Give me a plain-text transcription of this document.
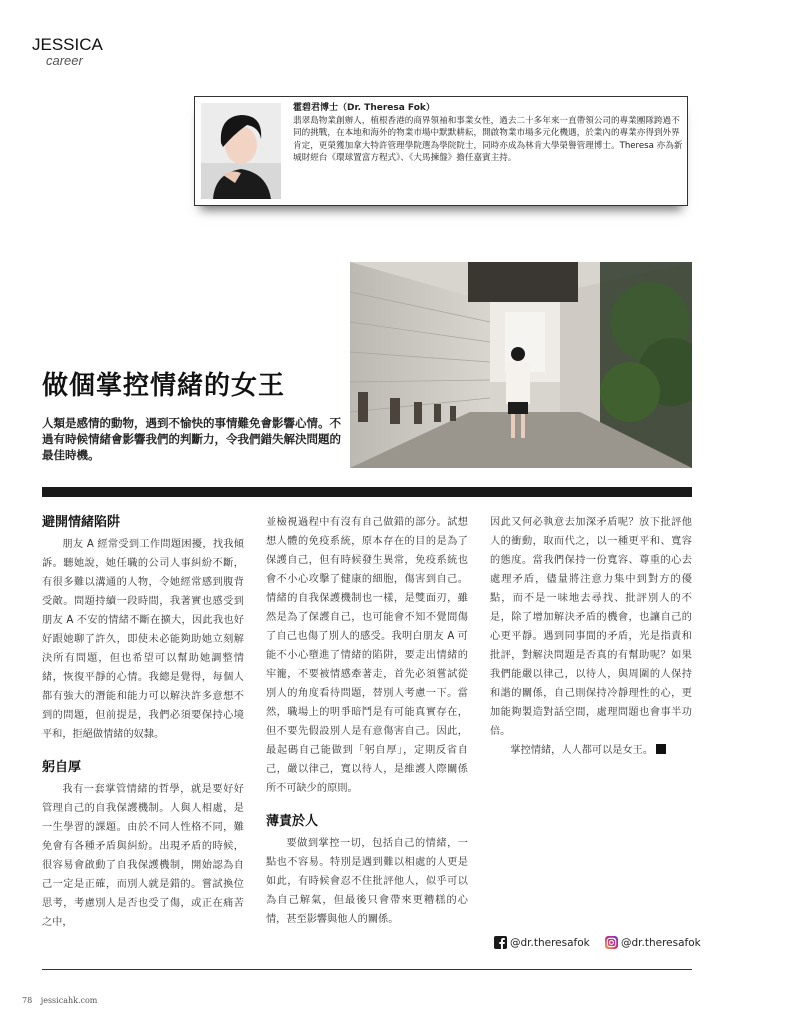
JESSICA
career
霍碧君博士（Dr. Theresa Fok）
翡翠島物業創辦人，植根香港的商界領袖和事業女性，過去二十多年來一直帶領公司的專業團隊跨過不同的挑戰，在本地和海外的物業市場中默默耕耘，開啟物業市場多元化機遇，於業內的專業亦得到外界肯定，更榮獲加拿大特許管理學院選為學院院士，同時亦成為林肯大學榮譽管理博士。Theresa 亦為新城財經台《環球置富方程式》、《大馬揀盤》擔任嘉賓主持。
做個掌控情緒的女王

人類是感情的動物，遇到不愉快的事情難免會影響心情。不過有時候情緒會影響我們的判斷力，令我們錯失解決問題的最佳時機。

避開情緒陷阱

朋友 A 經常受到工作問題困擾，找我傾訴。聽她說，她任職的公司人事糾紛不斷，有很多難以溝通的人物，令她經常感到腹背受敵。問題持續一段時間，我著實也感受到朋友 A 不安的情緒不斷在擴大，因此我也好好跟她聊了許久，即使未必能夠助她立刻解決所有問題，但也希望可以幫助她調整情緒，恢復平靜的心情。我總是覺得，每個人都有強大的潛能和能力可以解決許多意想不到的問題，但前提是，我們必須要保持心境平和，拒絕做情緒的奴隸。

躬自厚

我有一套掌管情緒的哲學，就是要好好管理自己的自我保護機制。人與人相處，是一生學習的課題。由於不同人性格不同，難免會有各種矛盾與糾紛。出現矛盾的時候，很容易會啟動了自我保護機制，開始認為自己一定是正確，而別人就是錯的。嘗試換位思考，考慮別人是否也受了傷，或正在痛苦之中，

並檢視過程中有沒有自己做錯的部分。試想想人體的免疫系統，原本存在的目的是為了保護自己，但有時候發生異常，免疫系統也會不小心攻擊了健康的細胞，傷害到自己。情緒的自我保護機制也一樣，是雙面刃，雖然是為了保護自己，也可能會不知不覺間傷了自己也傷了別人的感受。我明白朋友 A 可能不小心墮進了情緒的陷阱，要走出情緒的牢籠，不要被情感牽著走，首先必須嘗試從別人的角度看待問題，替別人考慮一下。當然，職場上的明爭暗鬥是有可能真實存在，但不要先假設別人是有意傷害自己。因此，最起碼自己能做到「躬自厚」，定期反省自己，嚴以律己，寬以待人，是維護人際關係所不可缺少的原則。

薄責於人

要做到掌控一切，包括自己的情緒，一點也不容易。特別是遇到難以相處的人更是如此，有時候會忍不住批評他人，似乎可以為自己解氣，但最後只會帶來更糟糕的心情，甚至影響與他人的關係。

因此又何必執意去加深矛盾呢？放下批評他人的衝動，取而代之，以一種更平和、寬容的態度。當我們保持一份寬容、尊重的心去處理矛盾，儘量將注意力集中到對方的優點，而不是一味地去尋找、批評別人的不是，除了增加解決矛盾的機會，也讓自己的心更平靜。遇到同事間的矛盾，光是指責和批評，對解決問題是否真的有幫助呢？如果我們能嚴以律己，以待人，與周圍的人保持和諧的關係，自己則保持冷靜理性的心，更加能夠製造對話空間，處理問題也會事半功倍。

掌控情緒，人人都可以是女王。

@dr.theresafok	@dr.theresafok
78 jessicahk.com
